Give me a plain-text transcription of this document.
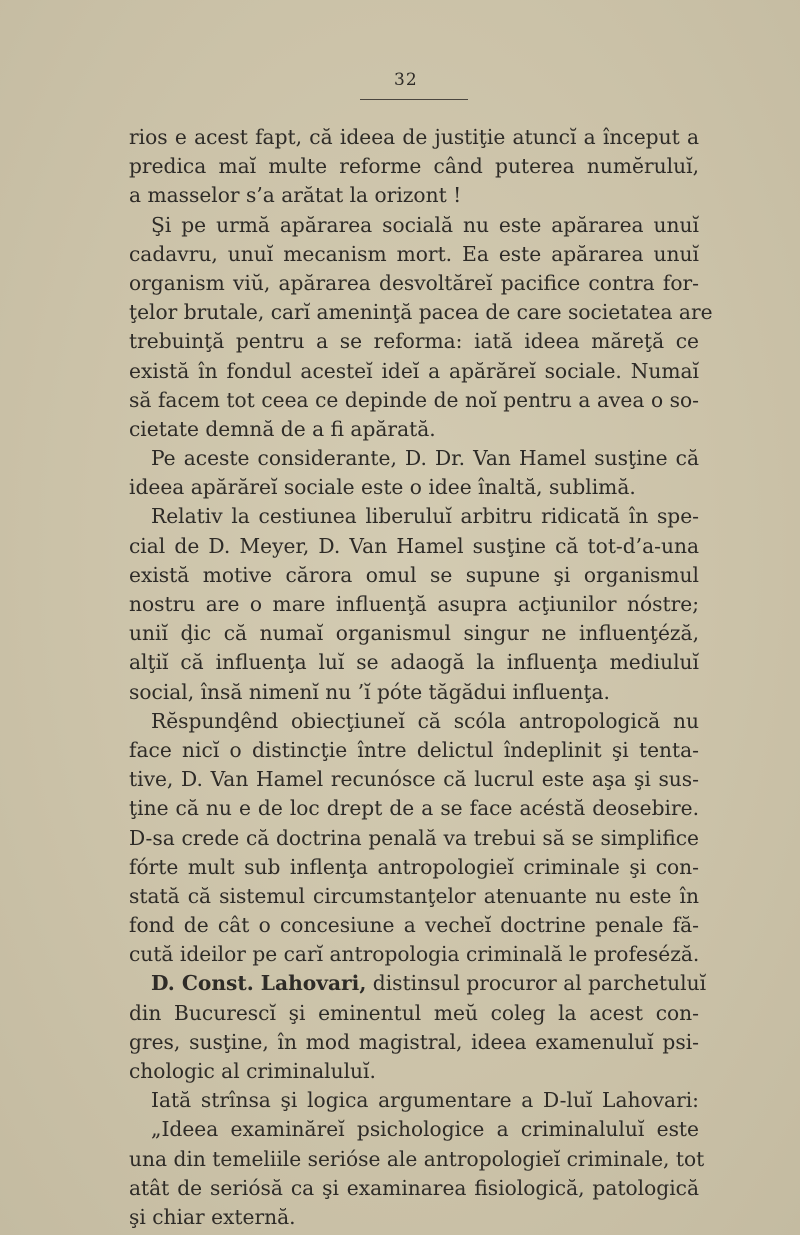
32
rios e acest fapt, că ideea de justiţie atuncĭ a început a
predica maĭ multe reforme când puterea numĕruluĭ,
a masselor s’a arătat la orizont !
Şi pe urmă apărarea socială nu este apărarea unuĭ
cadavru, unuĭ mecanism mort. Ea este apărarea unuĭ
organism viŭ, apărarea desvoltăreĭ pacifice contra for-
ţelor brutale, carĭ ameninţă pacea de care societatea are
trebuinţă pentru a se reforma: iată ideea măreţă ce
există în fondul acesteĭ ideĭ a apărăreĭ sociale. Numaĭ
să facem tot ceea ce depinde de noĭ pentru a avea o so-
cietate demnă de a fi apărată.
Pe aceste considerante, D. Dr. Van Hamel susţine că
ideea apărăreĭ sociale este o idee înaltă, sublimă.
Relativ la cestiunea liberuluĭ arbitru ridicată în spe-
cial de D. Meyer, D. Van Hamel susţine că tot-d’a-una
există motive cărora omul se supune şi organismul
nostru are o mare influenţă asupra acţiunilor nóstre;
uniĭ ḑic că numaĭ organismul singur ne influenţéză,
alţiĭ că influenţa luĭ se adaogă la influenţa mediuluĭ
social, însă nimenĭ nu ’ĭ póte tăgădui influenţa.
Rĕspunḑênd obiecţiuneĭ că scóla antropologică nu
face nicĭ o distincţie între delictul îndeplinit şi tenta-
tive, D. Van Hamel recunósce că lucrul este aşa şi sus-
ţine că nu e de loc drept de a se face acéstă deosebire.
D-sa crede că doctrina penală va trebui să se simplifice
fórte mult sub inflenţa antropologieĭ criminale şi con-
stată că sistemul circumstanţelor atenuante nu este în
fond de cât o concesiune a vecheĭ doctrine penale fă-
cută ideilor pe carĭ antropologia criminală le profeséză.
D. Const. Lahovari, distinsul procuror al parchetuluĭ
din Bucurescĭ şi eminentul meŭ coleg la acest con-
gres, susţine, în mod magistral, ideea examenuluĭ psi-
chologic al criminaluluĭ.
Iată strînsa şi logica argumentare a D-luĭ Lahovari:
„Ideea examinăreĭ psichologice a criminaluluĭ este
una din temeliile serióse ale antropologieĭ criminale, tot
atât de seriósă ca şi examinarea fisiologică, patologică
şi chiar externă.
